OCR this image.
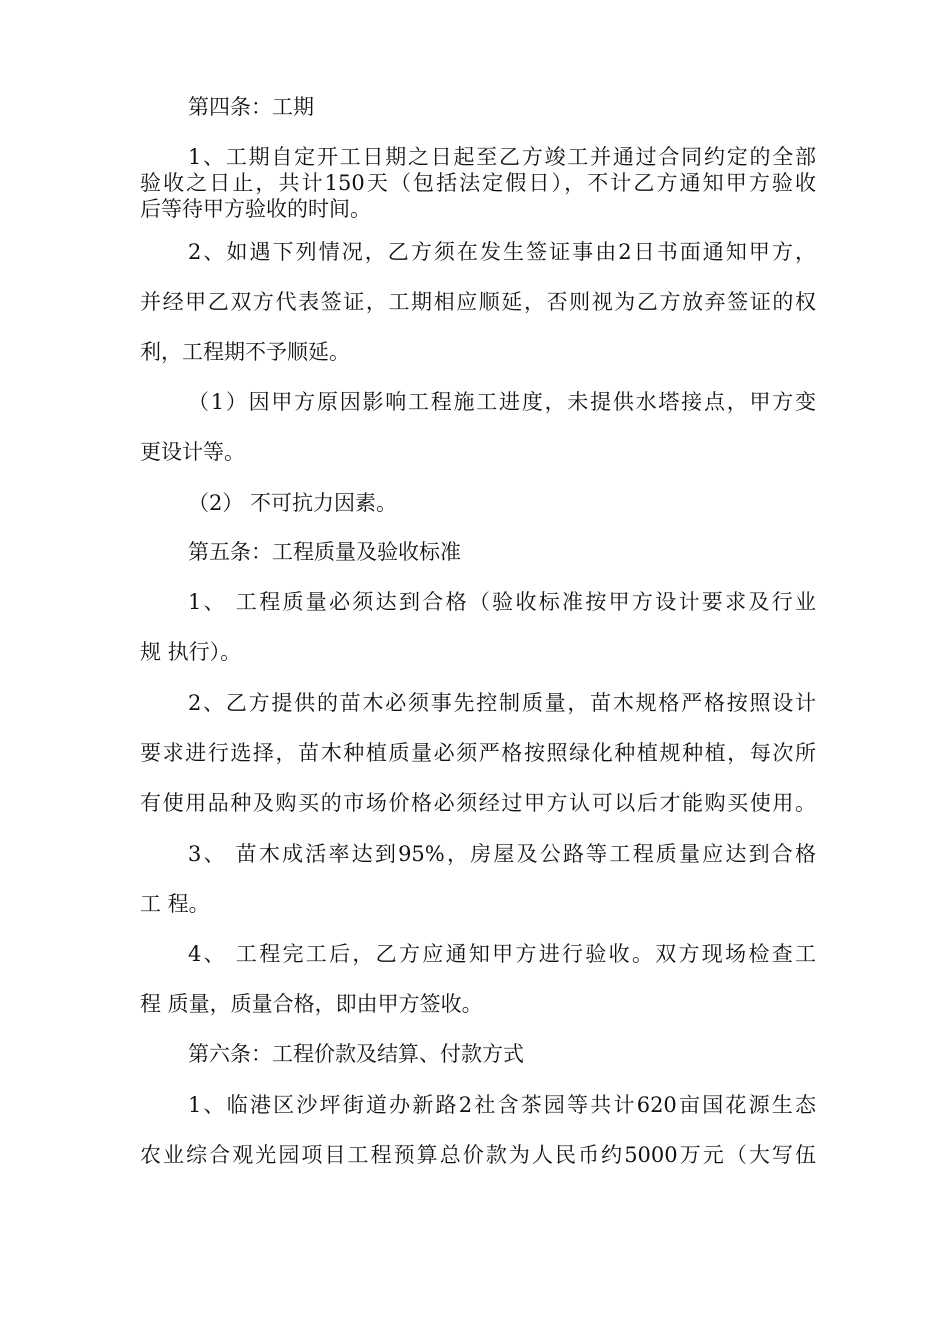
第四条：工期
1、工期自定开工日期之日起至乙方竣工并通过合同约定的全部
验收之日止，共计150天（包括法定假日），不计乙方通知甲方验收
后等待甲方验收的时间。
2、如遇下列情况，乙方须在发生签证事由2日书面通知甲方，
并经甲乙双方代表签证，工期相应顺延，否则视为乙方放弃签证的权
利，工程期不予顺延。
（1）因甲方原因影响工程施工进度，未提供水塔接点，甲方变
更设计等。
（2） 不可抗力因素。
第五条：工程质量及验收标准
1、 工程质量必须达到合格（验收标准按甲方设计要求及行业
规 执行）。
2、乙方提供的苗木必须事先控制质量，苗木规格严格按照设计
要求进行选择，苗木种植质量必须严格按照绿化种植规种植，每次所
有使用品种及购买的市场价格必须经过甲方认可以后才能购买使用。
3、 苗木成活率达到95%，房屋及公路等工程质量应达到合格
工 程。
4、 工程完工后，乙方应通知甲方进行验收。双方现场检查工
程 质量，质量合格，即由甲方签收。
第六条：工程价款及结算、付款方式
1、临港区沙坪街道办新路2社含茶园等共计620亩国花源生态
农业综合观光园项目工程预算总价款为人民币约5000万元（大写伍
